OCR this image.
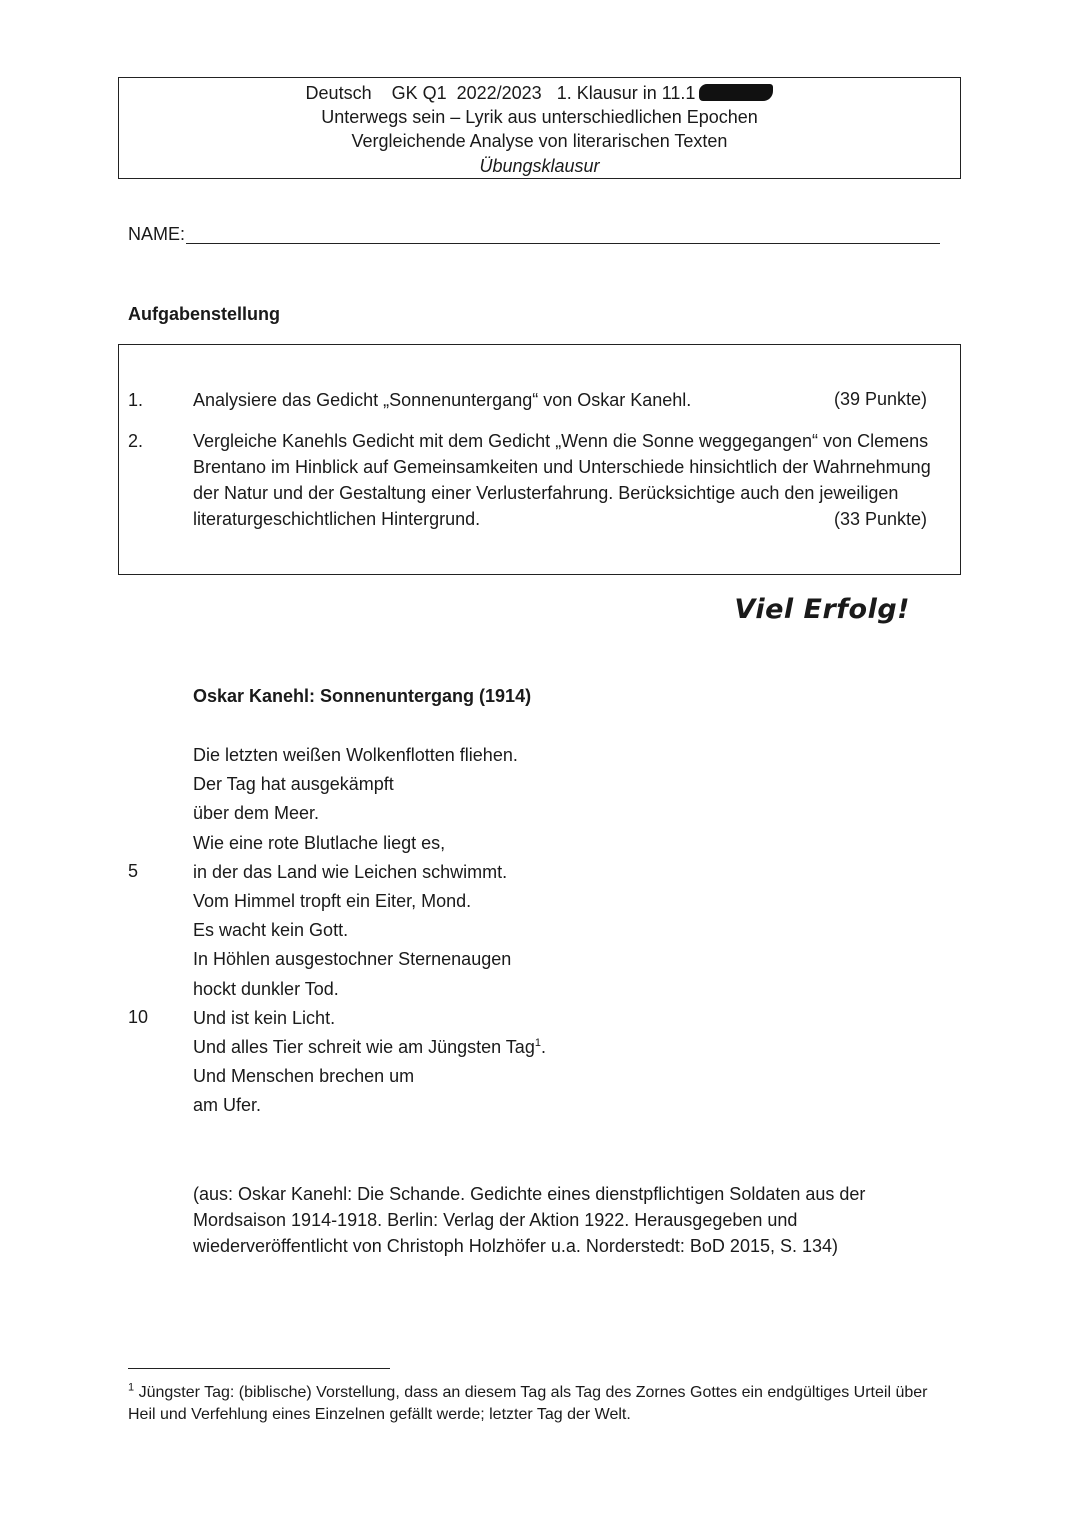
Deutsch    GK Q1  2022/2023   1. Klausur in 11.1
Unterwegs sein – Lyrik aus unterschiedlichen Epochen
Vergleichende Analyse von literarischen Texten
Übungsklausur
NAME:
Aufgabenstellung
1.	Analysiere das Gedicht „Sonnenuntergang“ von Oskar Kanehl.	(39 Punkte)
2.	Vergleiche Kanehls Gedicht mit dem Gedicht „Wenn die Sonne weggegangen“ von Clemens Brentano im Hinblick auf Gemeinsamkeiten und Unterschiede hinsichtlich der Wahrnehmung der Natur und der Gestaltung einer Verlusterfahrung. Berücksichtige auch den jeweiligen literaturgeschichtlichen Hintergrund.	(33 Punkte)
Viel Erfolg!
Oskar Kanehl: Sonnenuntergang (1914)
Die letzten weißen Wolkenflotten fliehen.
Der Tag hat ausgekämpft
über dem Meer.
Wie eine rote Blutlache liegt es,
in der das Land wie Leichen schwimmt.
Vom Himmel tropft ein Eiter, Mond.
Es wacht kein Gott.
In Höhlen ausgestochner Sternenaugen
hockt dunkler Tod.
Und ist kein Licht.
Und alles Tier schreit wie am Jüngsten Tag$^1$.
Und Menschen brechen um
am Ufer.
5
10
(aus: Oskar Kanehl: Die Schande. Gedichte eines dienstpflichtigen Soldaten aus der Mordsaison 1914-1918. Berlin: Verlag der Aktion 1922. Herausgegeben und wiederveröffentlicht von Christoph Holzhöfer u.a. Norderstedt: BoD 2015, S. 134)
$^1$ Jüngster Tag: (biblische) Vorstellung, dass an diesem Tag als Tag des Zornes Gottes ein endgültiges Urteil über Heil und Verfehlung eines Einzelnen gefällt werde; letzter Tag der Welt.
